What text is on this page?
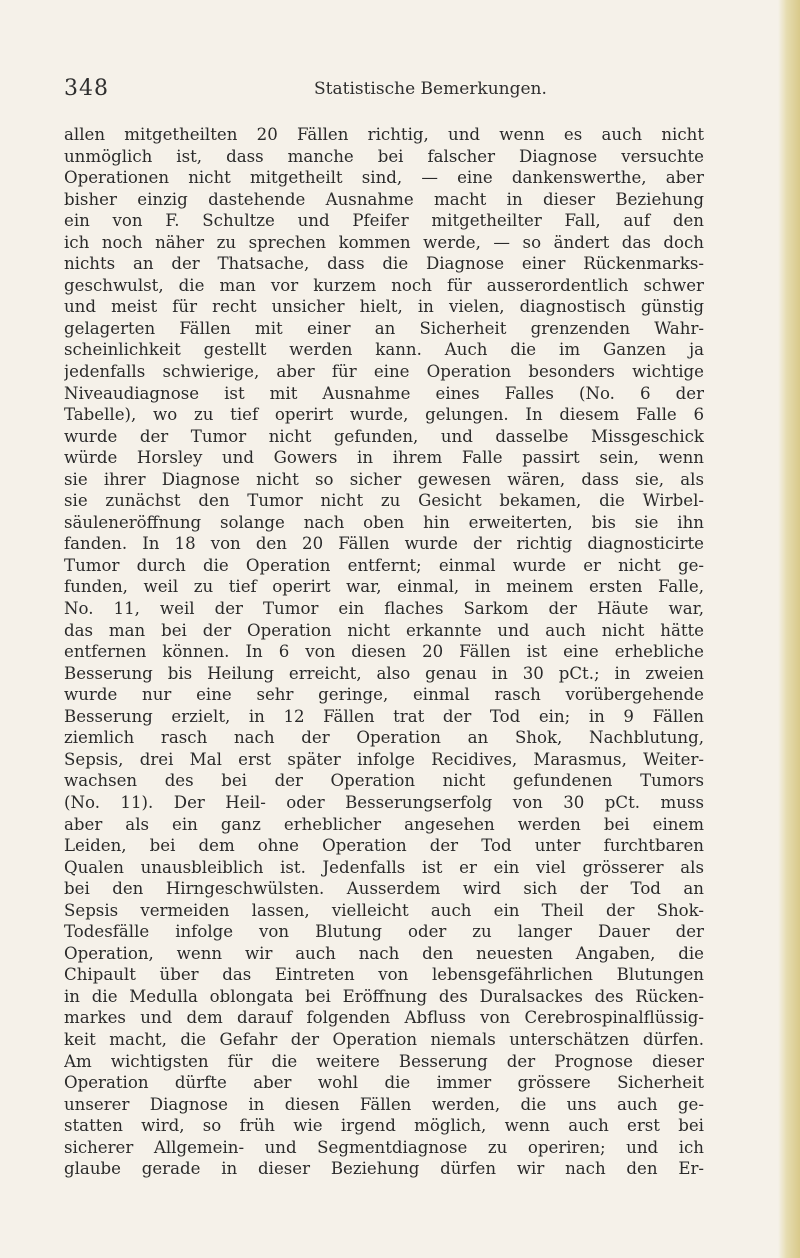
348	Statistische Bemerkungen.
allen mitgetheilten 20 Fällen richtig, und wenn es auch nicht
unmöglich ist, dass manche bei falscher Diagnose versuchte
Operationen nicht mitgetheilt sind, — eine dankenswerthe, aber
bisher einzig dastehende Ausnahme macht in dieser Beziehung
ein von F. Schultze und Pfeifer mitgetheilter Fall, auf den
ich noch näher zu sprechen kommen werde, — so ändert das doch
nichts an der Thatsache, dass die Diagnose einer Rückenmarks-
geschwulst, die man vor kurzem noch für ausserordentlich schwer
und meist für recht unsicher hielt, in vielen, diagnostisch günstig
gelagerten Fällen mit einer an Sicherheit grenzenden Wahr-
scheinlichkeit gestellt werden kann. Auch die im Ganzen ja
jedenfalls schwierige, aber für eine Operation besonders wichtige
Niveaudiagnose ist mit Ausnahme eines Falles (No. 6 der
Tabelle), wo zu tief operirt wurde, gelungen. In diesem Falle 6
wurde der Tumor nicht gefunden, und dasselbe Missgeschick
würde Horsley und Gowers in ihrem Falle passirt sein, wenn
sie ihrer Diagnose nicht so sicher gewesen wären, dass sie, als
sie zunächst den Tumor nicht zu Gesicht bekamen, die Wirbel-
säuleneröffnung solange nach oben hin erweiterten, bis sie ihn
fanden. In 18 von den 20 Fällen wurde der richtig diagnosticirte
Tumor durch die Operation entfernt; einmal wurde er nicht ge-
funden, weil zu tief operirt war, einmal, in meinem ersten Falle,
No. 11, weil der Tumor ein flaches Sarkom der Häute war,
das man bei der Operation nicht erkannte und auch nicht hätte
entfernen können. In 6 von diesen 20 Fällen ist eine erhebliche
Besserung bis Heilung erreicht, also genau in 30 pCt.; in zweien
wurde nur eine sehr geringe, einmal rasch vorübergehende
Besserung erzielt, in 12 Fällen trat der Tod ein; in 9 Fällen
ziemlich rasch nach der Operation an Shok, Nachblutung,
Sepsis, drei Mal erst später infolge Recidives, Marasmus, Weiter-
wachsen des bei der Operation nicht gefundenen Tumors
(No. 11). Der Heil- oder Besserungserfolg von 30 pCt. muss
aber als ein ganz erheblicher angesehen werden bei einem
Leiden, bei dem ohne Operation der Tod unter furchtbaren
Qualen unausbleiblich ist. Jedenfalls ist er ein viel grösserer als
bei den Hirngeschwülsten. Ausserdem wird sich der Tod an
Sepsis vermeiden lassen, vielleicht auch ein Theil der Shok-
Todesfälle infolge von Blutung oder zu langer Dauer der
Operation, wenn wir auch nach den neuesten Angaben, die
Chipault über das Eintreten von lebensgefährlichen Blutungen
in die Medulla oblongata bei Eröffnung des Duralsackes des Rücken-
markes und dem darauf folgenden Abfluss von Cerebrospinalflüssig-
keit macht, die Gefahr der Operation niemals unterschätzen dürfen.
Am wichtigsten für die weitere Besserung der Prognose dieser
Operation dürfte aber wohl die immer grössere Sicherheit
unserer Diagnose in diesen Fällen werden, die uns auch ge-
statten wird, so früh wie irgend möglich, wenn auch erst bei
sicherer Allgemein- und Segmentdiagnose zu operiren; und ich
glaube gerade in dieser Beziehung dürfen wir nach den Er-
